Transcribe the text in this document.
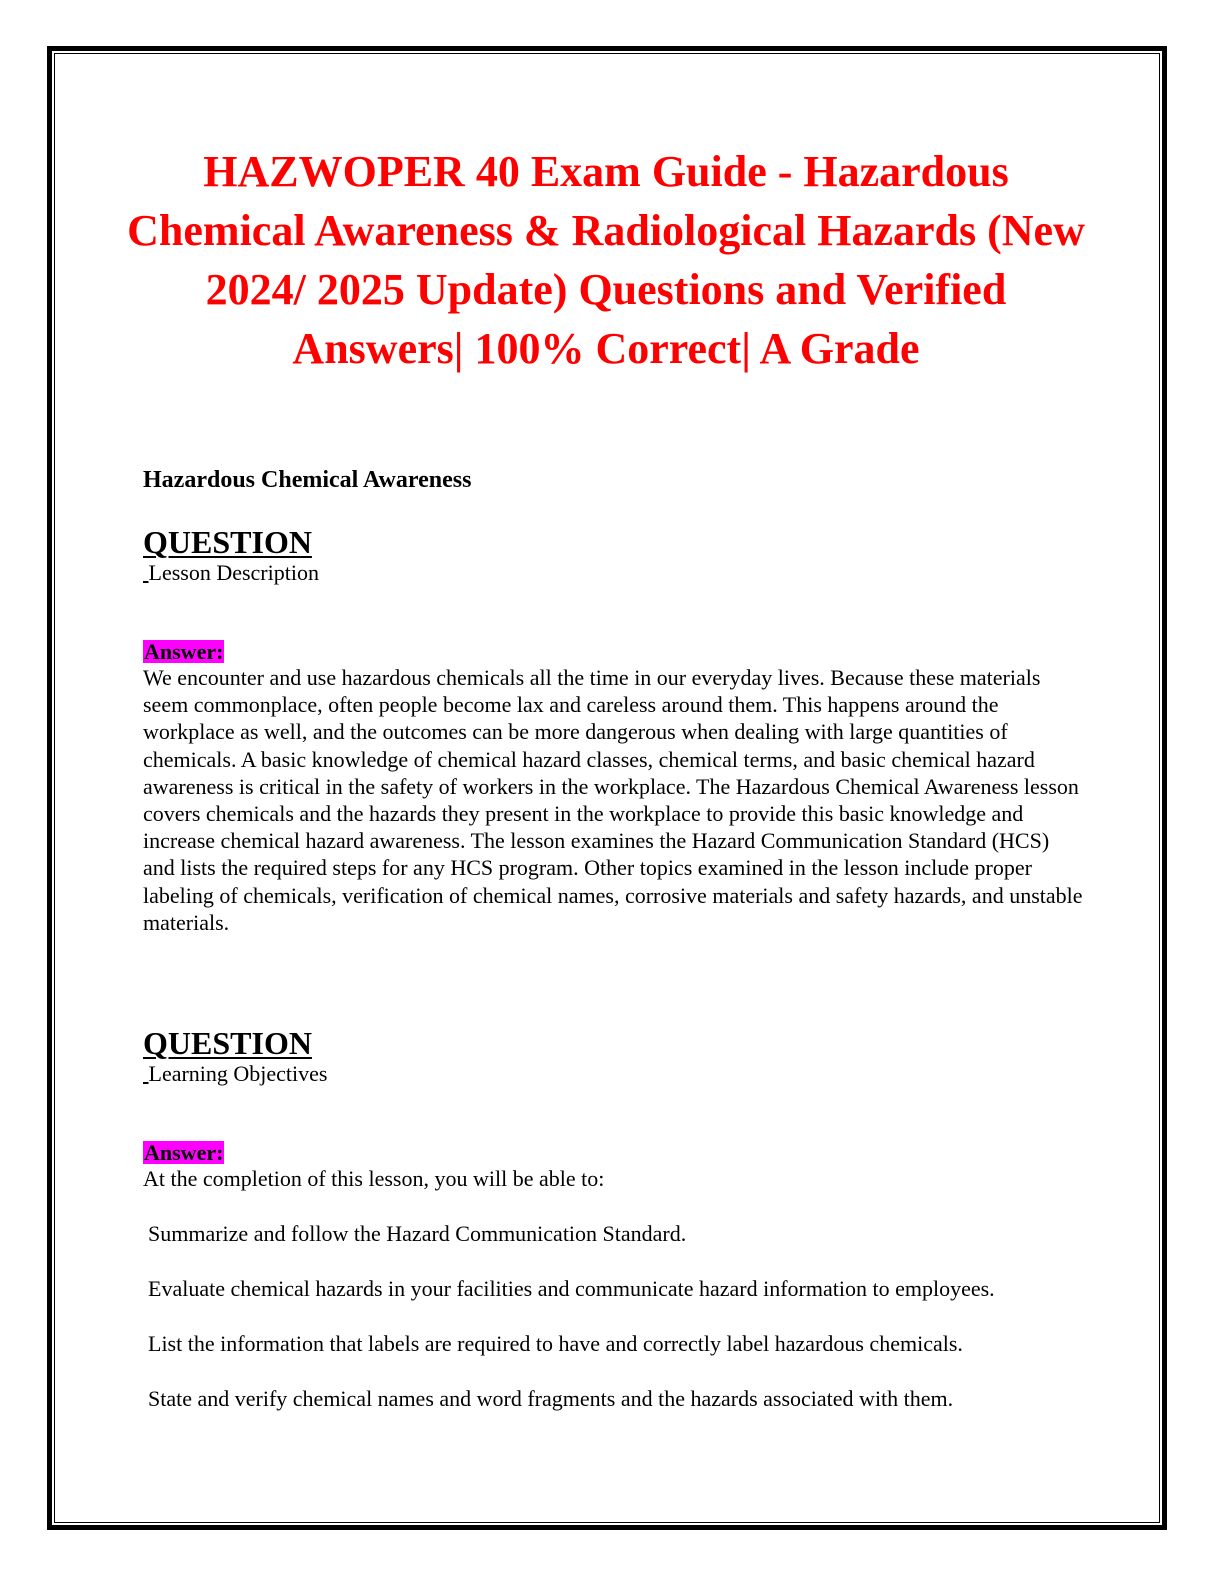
HAZWOPER 40 Exam Guide - Hazardous Chemical Awareness & Radiological Hazards (New 2024/ 2025 Update) Questions and Verified Answers| 100% Correct| A Grade
Hazardous Chemical Awareness

QUESTION

Lesson Description

Answer:

We encounter and use hazardous chemicals all the time in our everyday lives. Because these materials seem commonplace, often people become lax and careless around them. This happens around the workplace as well, and the outcomes can be more dangerous when dealing with large quantities of chemicals. A basic knowledge of chemical hazard classes, chemical terms, and basic chemical hazard awareness is critical in the safety of workers in the workplace. The Hazardous Chemical Awareness lesson covers chemicals and the hazards they present in the workplace to provide this basic knowledge and increase chemical hazard awareness. The lesson examines the Hazard Communication Standard (HCS) and lists the required steps for any HCS program. Other topics examined in the lesson include proper labeling of chemicals, verification of chemical names, corrosive materials and safety hazards, and unstable materials.

QUESTION

Learning Objectives

Answer:

At the completion of this lesson, you will be able to:

Summarize and follow the Hazard Communication Standard.
Evaluate chemical hazards in your facilities and communicate hazard information to employees.
List the information that labels are required to have and correctly label hazardous chemicals.
State and verify chemical names and word fragments and the hazards associated with them.
